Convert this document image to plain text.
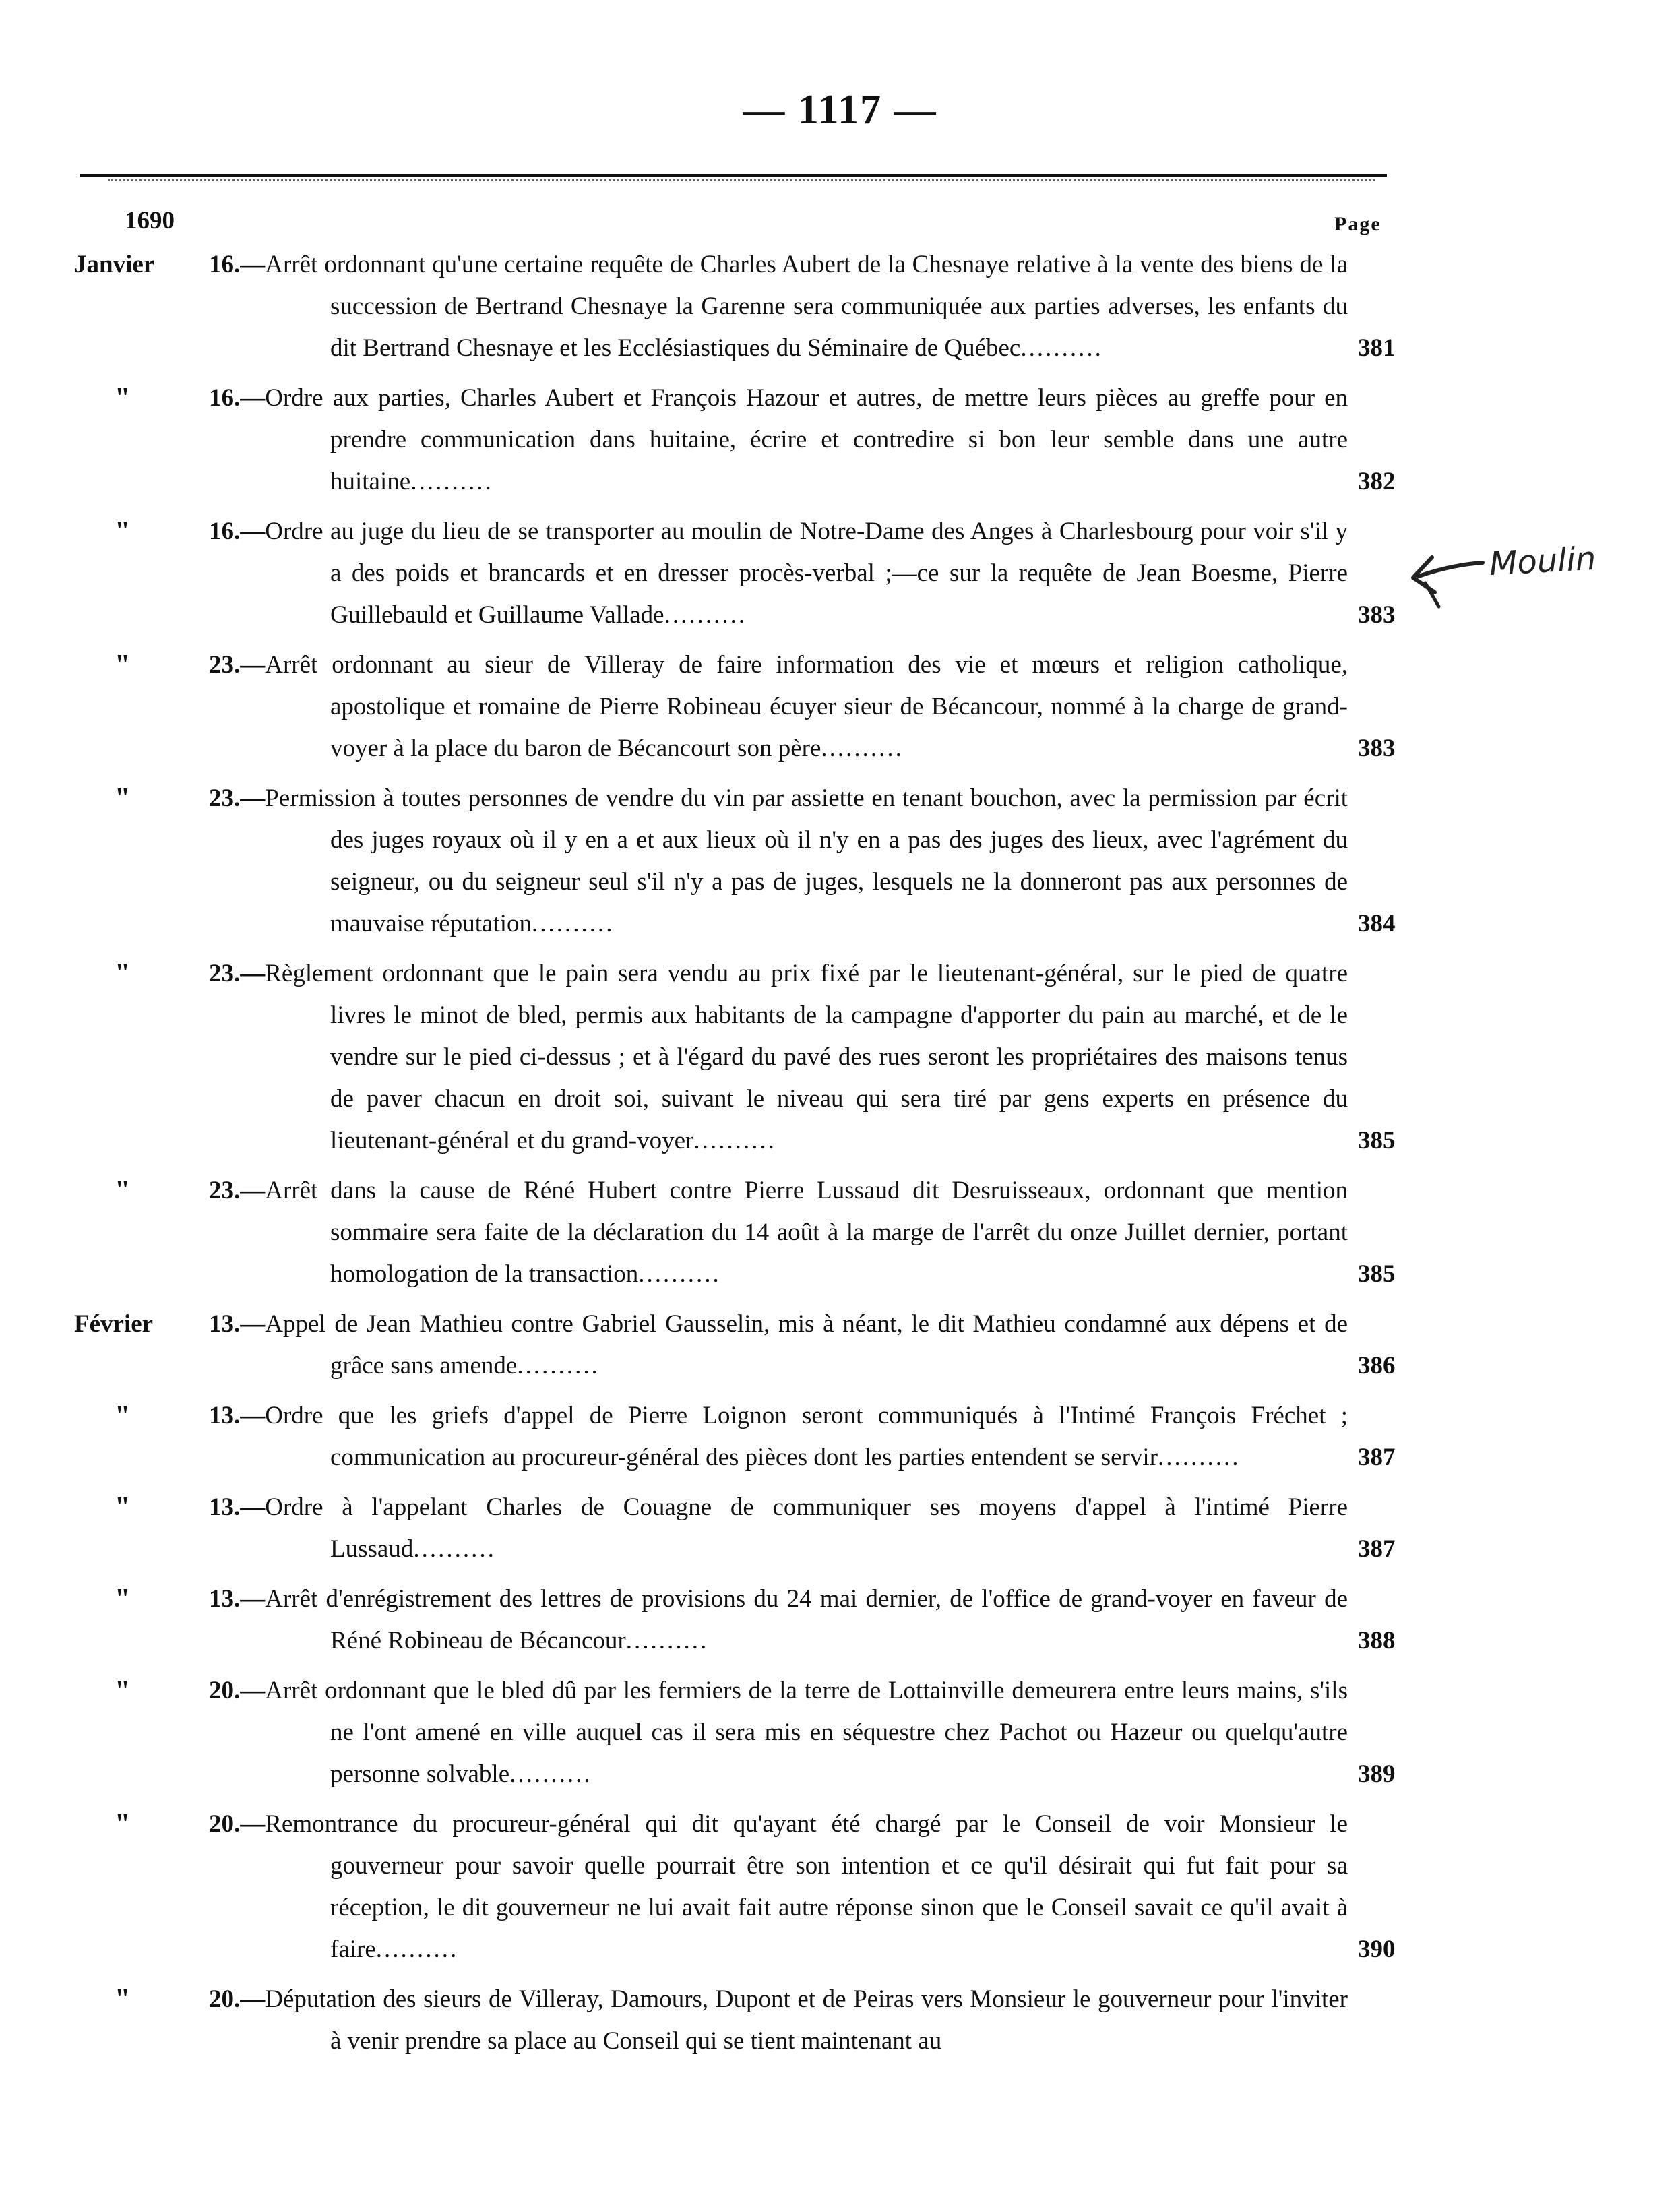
— 1117 —
1690	Page
Janvier	16.—Arrêt ordonnant qu'une certaine requête de Charles Aubert de la Chesnaye relative à la vente des biens de la succession de Bertrand Chesnaye la Garenne sera communiquée aux parties adverses, les enfants du dit Bertrand Chesnaye et les Ecclésiastiques du Séminaire de Québec..........	381
"	16.—Ordre aux parties, Charles Aubert et François Hazour et autres, de mettre leurs pièces au greffe pour en prendre communication dans huitaine, écrire et contredire si bon leur semble dans une autre huitaine..........	382
"	16.—Ordre au juge du lieu de se transporter au moulin de Notre-Dame des Anges à Charlesbourg pour voir s'il y a des poids et brancards et en dresser procès-verbal ;—ce sur la requête de Jean Boesme, Pierre Guillebauld et Guillaume Vallade..........	383
"	23.—Arrêt ordonnant au sieur de Villeray de faire information des vie et mœurs et religion catholique, apostolique et romaine de Pierre Robineau écuyer sieur de Bécancour, nommé à la charge de grand-voyer à la place du baron de Bécancourt son père..........	383
"	23.—Permission à toutes personnes de vendre du vin par assiette en tenant bouchon, avec la permission par écrit des juges royaux où il y en a et aux lieux où il n'y en a pas des juges des lieux, avec l'agrément du seigneur, ou du seigneur seul s'il n'y a pas de juges, lesquels ne la donneront pas aux personnes de mauvaise réputation..........	384
"	23.—Règlement ordonnant que le pain sera vendu au prix fixé par le lieutenant-général, sur le pied de quatre livres le minot de bled, permis aux habitants de la campagne d'apporter du pain au marché, et de le vendre sur le pied ci-dessus ; et à l'égard du pavé des rues seront les propriétaires des maisons tenus de paver chacun en droit soi, suivant le niveau qui sera tiré par gens experts en présence du lieutenant-général et du grand-voyer..........	385
"	23.—Arrêt dans la cause de Réné Hubert contre Pierre Lussaud dit Desruisseaux, ordonnant que mention sommaire sera faite de la déclaration du 14 août à la marge de l'arrêt du onze Juillet dernier, portant homologation de la transaction..........	385
Février	13.—Appel de Jean Mathieu contre Gabriel Gausselin, mis à néant, le dit Mathieu condamné aux dépens et de grâce sans amende..........	386
"	13.—Ordre que les griefs d'appel de Pierre Loignon seront communiqués à l'Intimé François Fréchet ; communication au procureur-général des pièces dont les parties entendent se servir..........	387
"	13.—Ordre à l'appelant Charles de Couagne de communiquer ses moyens d'appel à l'intimé Pierre Lussaud..........	387
"	13.—Arrêt d'enrégistrement des lettres de provisions du 24 mai dernier, de l'office de grand-voyer en faveur de Réné Robineau de Bécancour..........	388
"	20.—Arrêt ordonnant que le bled dû par les fermiers de la terre de Lottainville demeurera entre leurs mains, s'ils ne l'ont amené en ville auquel cas il sera mis en séquestre chez Pachot ou Hazeur ou quelqu'autre personne solvable..........	389
"	20.—Remontrance du procureur-général qui dit qu'ayant été chargé par le Conseil de voir Monsieur le gouverneur pour savoir quelle pourrait être son intention et ce qu'il désirait qui fut fait pour sa réception, le dit gouverneur ne lui avait fait autre réponse sinon que le Conseil savait ce qu'il avait à faire..........	390
"	20.—Députation des sieurs de Villeray, Damours, Dupont et de Peiras vers Monsieur le gouverneur pour l'inviter à venir prendre sa place au Conseil qui se tient maintenant au
Moulin
